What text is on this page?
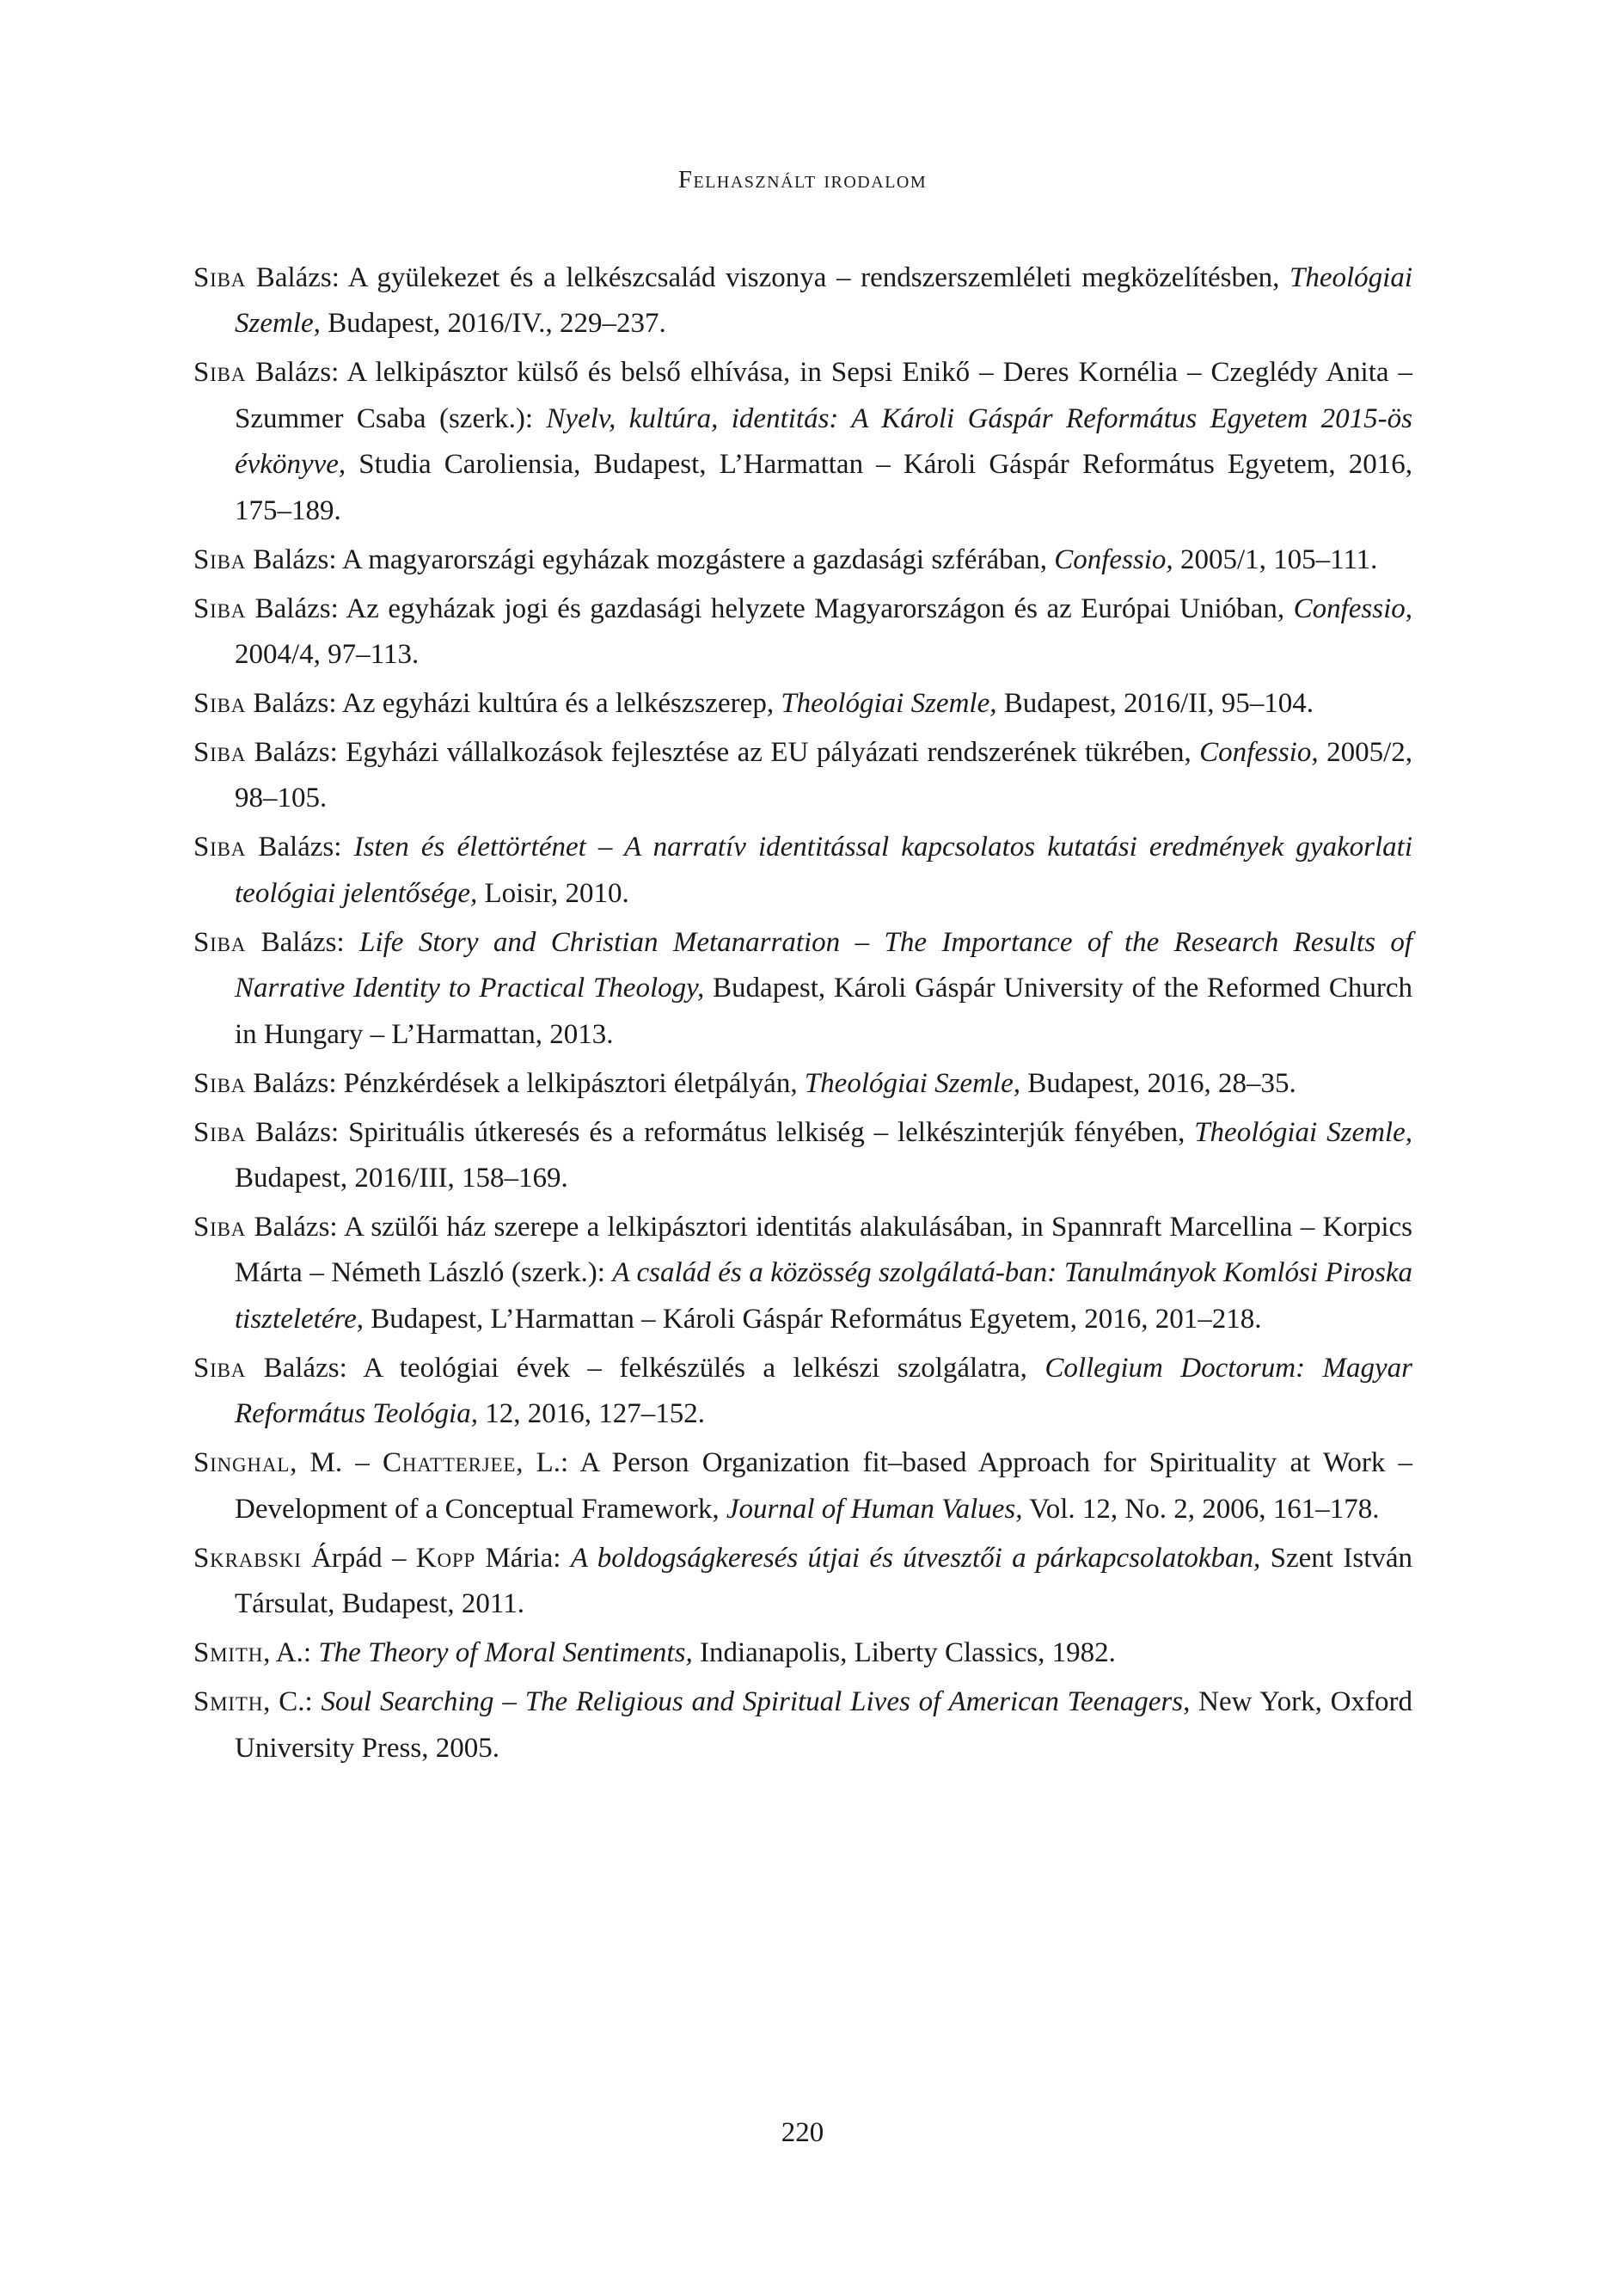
Felhasznált irodalom
Siba Balázs: A gyülekezet és a lelkészcsalád viszonya – rendszerszemléleti megközelítésben, Theológiai Szemle, Budapest, 2016/IV., 229–237.
Siba Balázs: A lelkipásztor külső és belső elhívása, in Sepsi Enikő – Deres Kornélia – Czeglédy Anita – Szummer Csaba (szerk.): Nyelv, kultúra, identitás: A Károli Gáspár Református Egyetem 2015-ös évkönyve, Studia Caroliensia, Budapest, L’Harmattan – Károli Gáspár Református Egyetem, 2016, 175–189.
Siba Balázs: A magyarországi egyházak mozgástere a gazdasági szférában, Confessio, 2005/1, 105–111.
Siba Balázs: Az egyházak jogi és gazdasági helyzete Magyarországon és az Európai Unióban, Confessio, 2004/4, 97–113.
Siba Balázs: Az egyházi kultúra és a lelkészszerep, Theológiai Szemle, Budapest, 2016/II, 95–104.
Siba Balázs: Egyházi vállalkozások fejlesztése az EU pályázati rendszerének tükrében, Confessio, 2005/2, 98–105.
Siba Balázs: Isten és élettörténet – A narratív identitással kapcsolatos kutatási eredmények gyakorlati teológiai jelentősége, Loisir, 2010.
Siba Balázs: Life Story and Christian Metanarration – The Importance of the Research Results of Narrative Identity to Practical Theology, Budapest, Károli Gáspár University of the Reformed Church in Hungary – L’Harmattan, 2013.
Siba Balázs: Pénzkérdések a lelkipásztori életpályán, Theológiai Szemle, Budapest, 2016, 28–35.
Siba Balázs: Spirituális útkeresés és a református lelkiség – lelkészinterjúk fényében, Theológiai Szemle, Budapest, 2016/III, 158–169.
Siba Balázs: A szülői ház szerepe a lelkipásztori identitás alakulásában, in Spannraft Marcellina – Korpics Márta – Németh László (szerk.): A család és a közösség szolgálatá-ban: Tanulmányok Komlósi Piroska tiszteletére, Budapest, L’Harmattan – Károli Gáspár Református Egyetem, 2016, 201–218.
Siba Balázs: A teológiai évek – felkészülés a lelkészi szolgálatra, Collegium Doctorum: Magyar Református Teológia, 12, 2016, 127–152.
Singhal, M. – Chatterjee, L.: A Person Organization fit–based Approach for Spirituality at Work – Development of a Conceptual Framework, Journal of Human Values, Vol. 12, No. 2, 2006, 161–178.
Skrabski Árpád – Kopp Mária: A boldogságkeresés útjai és útvesztői a párkapcsolatokban, Szent István Társulat, Budapest, 2011.
Smith, A.: The Theory of Moral Sentiments, Indianapolis, Liberty Classics, 1982.
Smith, C.: Soul Searching – The Religious and Spiritual Lives of American Teenagers, New York, Oxford University Press, 2005.
220
